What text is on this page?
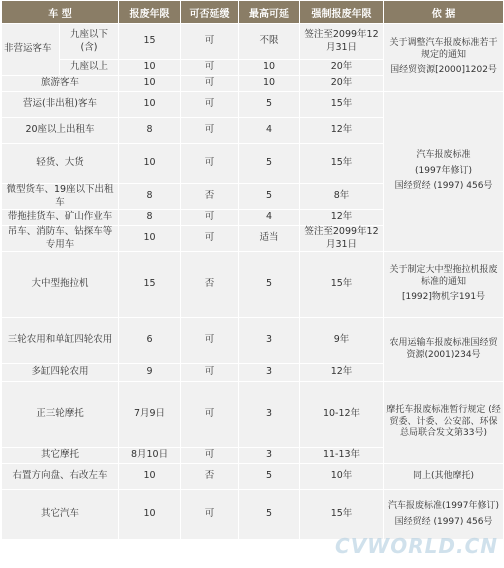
车 型		报废年限	可否延缓	最高可延	强制报废年限	依 据
非营运客车	九座以下(含)	15	可	不限	签注至2099年12月31日	关于调整汽车报废标准若干规定的通知
国经贸资源[2000]1202号

	九座以上	10	可	10	20年	
旅游客车		10	可	10	20年	
营运(非出租)客车		10	可	5	15年	汽车报废标准
(1997年修订)
国经贸经 (1997) 456号

20座以上出租车		8	可	4	12年	
轻货、大货		10	可	5	15年	
微型货车、19座以下出租车		8	否	5	8年	
带拖挂货车、矿山作业车		8	可	4	12年	
吊车、消防车、钻探车等专用车		10	可	适当	签注至2099年12月31日	
大中型拖拉机		15	否	5	15年	关于制定大中型拖拉机报废标准的通知
[1992]物机字191号

三轮农用和单缸四轮农用		6	可	3	9年	农用运输车报废标准国经贸资源(2001)234号

多缸四轮农用		9	可	3	12年	
正三轮摩托		7月9日	可	3	10-12年	摩托车报废标准暂行规定 (经贸委、计委、公安部、环保总局联合发文第33号)

其它摩托		8月10日	可	3	11-13年	
右置方向盘、右改左车		10	否	5	10年	同上(其他摩托)

其它汽车		10	可	5	15年	汽车报废标准(1997年修订)
国经贸经 (1997) 456号
CVWORLD.CN
